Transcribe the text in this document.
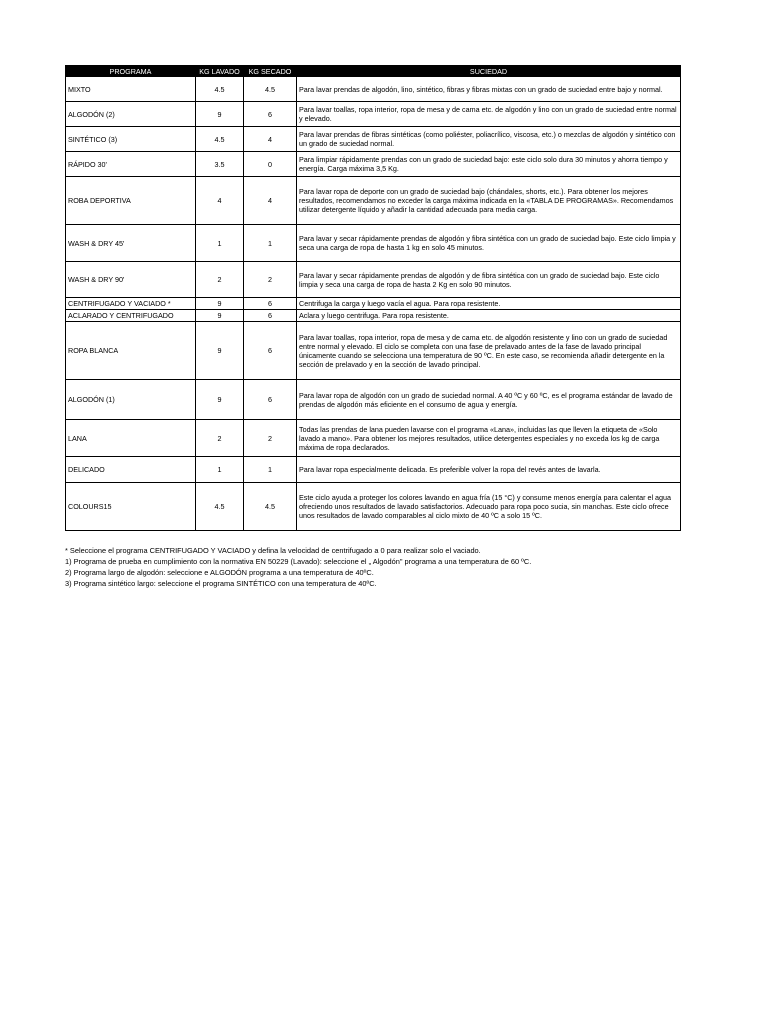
PROGRAMA	KG LAVADO	KG SECADO	SUCIEDAD
MIXTO	4.5	4.5	Para lavar prendas de algodón, lino, sintético, fibras y fibras mixtas con un grado de suciedad entre bajo y normal.
ALGODÓN (2)	9	6	Para lavar toallas, ropa interior, ropa de mesa y de cama etc. de algodón y lino con un grado de suciedad entre normal y elevado.
SINTÉTICO (3)	4.5	4	Para lavar prendas de fibras sintéticas (como poliéster, poliacrílico, viscosa, etc.) o mezclas de algodón y sintético con un grado de suciedad normal.
RÁPIDO 30'	3.5	0	Para limpiar rápidamente prendas con un grado de suciedad bajo: este ciclo solo dura 30 minutos y ahorra tiempo y energía. Carga máxima 3,5 Kg.
ROBA DEPORTIVA	4	4	Para lavar ropa de deporte con un grado de suciedad bajo (chándales, shorts, etc.). Para obtener los mejores resultados, recomendamos no exceder la carga máxima indicada en la «TABLA DE PROGRAMAS». Recomendamos utilizar detergente líquido y añadir la cantidad adecuada para media carga.
WASH & DRY 45'	1	1	Para lavar y secar rápidamente prendas de algodón y fibra sintética con un grado de suciedad bajo. Este ciclo limpia y seca una carga de ropa de hasta 1 kg en solo 45 minutos.
WASH & DRY 90'	2	2	Para lavar y secar rápidamente prendas de algodón y de fibra sintética con un grado de suciedad bajo. Este ciclo limpia y seca una carga de ropa de hasta 2 Kg en solo 90 minutos.
CENTRIFUGADO Y VACIADO *	9	6	Centrifuga la carga y luego vacía el agua. Para ropa resistente.
ACLARADO Y CENTRIFUGADO	9	6	Aclara y luego centrifuga. Para ropa resistente.
ROPA BLANCA	9	6	Para lavar toallas, ropa interior, ropa de mesa y de cama etc. de algodón resistente y lino con un grado de suciedad entre normal y elevado. El ciclo se completa con una fase de prelavado antes de la fase de lavado principal únicamente cuando se selecciona una temperatura de 90 ºC. En este caso, se recomienda añadir detergente en la sección de prelavado y en la sección de lavado principal.
ALGODÓN (1)	9	6	Para lavar ropa de algodón con un grado de suciedad normal. A 40 ºC y 60 ºC, es el programa estándar de lavado de prendas de algodón más eficiente en el consumo de agua y energía.
LANA	2	2	Todas las prendas de lana pueden lavarse con el programa «Lana», incluidas las que lleven la etiqueta de «Solo lavado a mano». Para obtener los mejores resultados, utilice detergentes especiales y no exceda los kg de carga máxima de ropa declarados.
DELICADO	1	1	Para lavar ropa especialmente delicada. Es preferible volver la ropa del revés antes de lavarla.
COLOURS15	4.5	4.5	Este ciclo ayuda a proteger los colores lavando en agua fría (15 °C) y consume menos energía para calentar el agua ofreciendo unos resultados de lavado satisfactorios. Adecuado para ropa poco sucia, sin manchas. Este ciclo ofrece unos resultados de lavado comparables al ciclo mixto de 40 ºC a solo 15 ºC.
* Seleccione el programa CENTRIFUGADO Y VACIADO y defina la velocidad de centrifugado a 0 para realizar solo el vaciado.
1) Programa de prueba en cumplimiento con la normativa EN 50229 (Lavado): seleccione el „ Algodón" programa a una temperatura de 60 ºC.
2) Programa largo de algodón: seleccione e ALGODÓN programa a una temperatura de 40ºC.
3) Programa sintético largo: seleccione el programa SINTÉTICO con una temperatura de 40ºC.
